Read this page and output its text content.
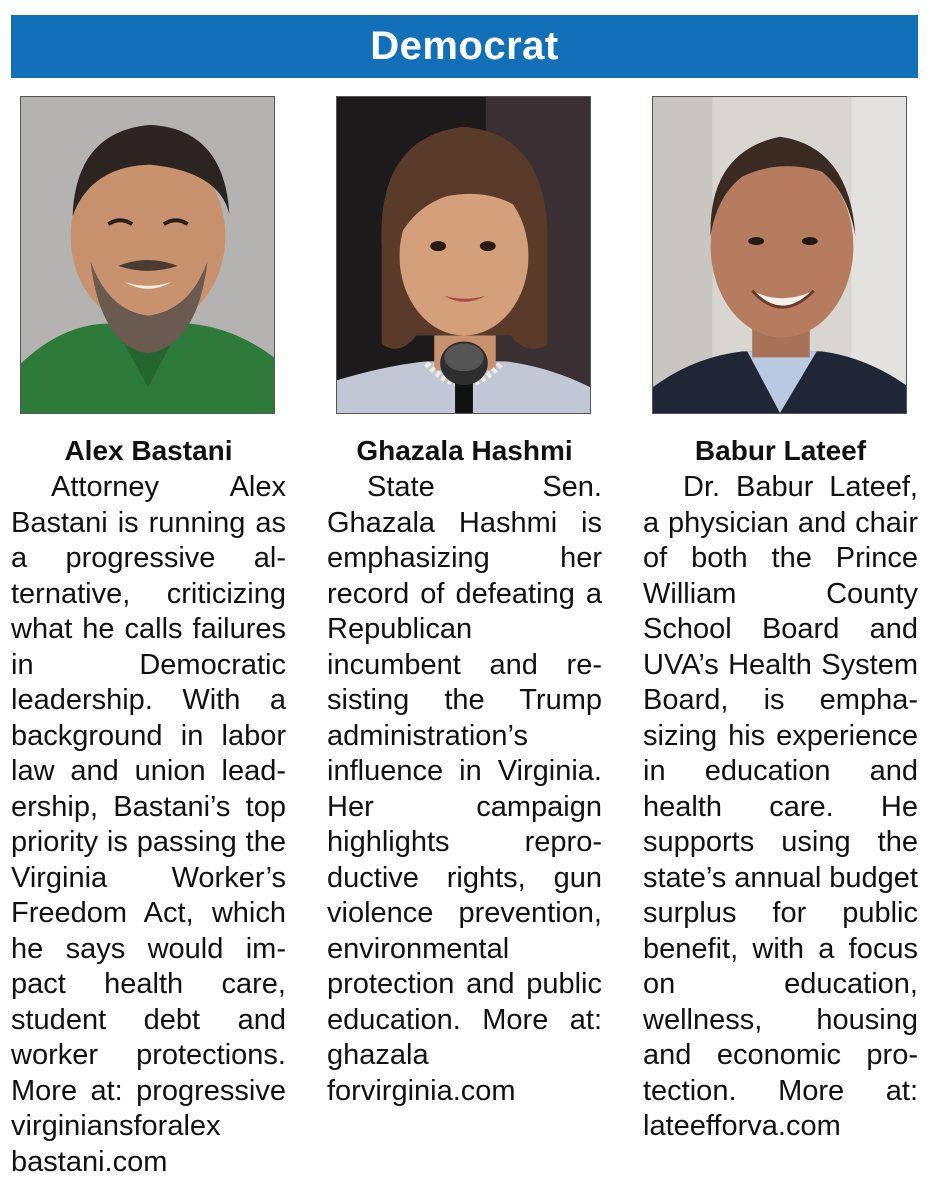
Democrat
Alex Bastani

Attorney Alex Bastani is running as a progressive alternative, criticizing what he calls failures in Democratic leadership. With a background in labor law and union leadership, Bastani’s top priority is passing the Virginia Worker’s Freedom Act, which he says would impact health care, student debt and worker protections. More at: progressive virginiansforalex bastani.com

Ghazala Hashmi

State Sen. Ghazala Hashmi is emphasizing her record of defeating a Republican incumbent and resisting the Trump administration’s influence in Virginia. Her campaign highlights reproductive rights, gun violence prevention, environmental protection and public education. More at: ghazala forvirginia.com

Babur Lateef

Dr. Babur Lateef, a physician and chair of both the Prince William County School Board and UVA’s Health System Board, is emphasizing his experience in education and health care. He supports using the state’s annual budget surplus for public benefit, with a focus on education, wellness, housing and economic protection. More at: lateefforva.com
